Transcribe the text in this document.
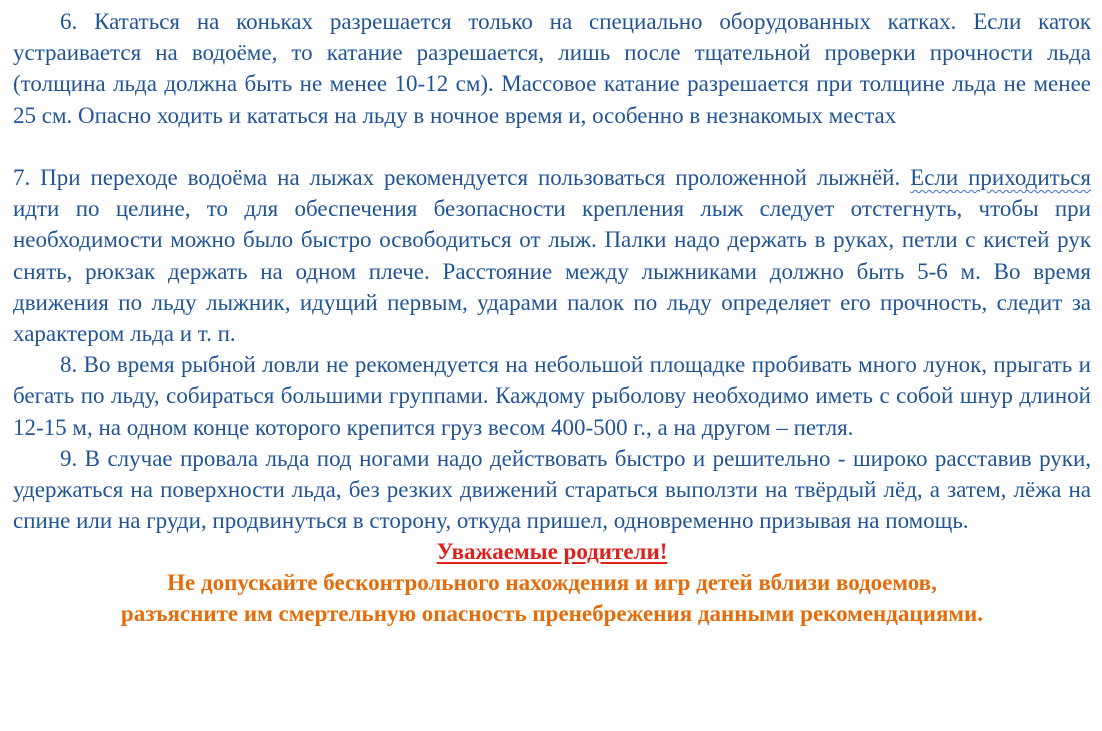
6. Кататься на коньках разрешается только на специально оборудованных катках. Если каток устраивается на водоёме, то катание разрешается, лишь после тщательной проверки прочности льда (толщина льда должна быть не менее 10-12 см). Массовое катание разрешается при толщине льда не менее 25 см. Опасно ходить и кататься на льду в ночное время и, особенно в незнакомых местах

7. При переходе водоёма на лыжах рекомендуется пользоваться проложенной лыжнёй. Если приходиться идти по целине, то для обеспечения безопасности крепления лыж следует отстегнуть, чтобы при необходимости можно было быстро освободиться от лыж. Палки надо держать в руках, петли с кистей рук снять, рюкзак держать на одном плече. Расстояние между лыжниками должно быть 5-6 м. Во время движения по льду лыжник, идущий первым, ударами палок по льду определяет его прочность, следит за характером льда и т. п.

8. Во время рыбной ловли не рекомендуется на небольшой площадке пробивать много лунок, прыгать и бегать по льду, собираться большими группами. Каждому рыболову необходимо иметь с собой шнур длиной 12-15 м, на одном конце которого крепится груз весом 400-500 г., а на другом – петля.

9. В случае провала льда под ногами надо действовать быстро и решительно - широко расставив руки, удержаться на поверхности льда, без резких движений стараться выползти на твёрдый лёд, а затем, лёжа на спине или на груди, продвинуться в сторону, откуда пришел, одновременно призывая на помощь.

Уважаемые родители!

Не допускайте бесконтрольного нахождения и игр детей вблизи водоемов,

разъясните им смертельную опасность пренебрежения данными рекомендациями.
